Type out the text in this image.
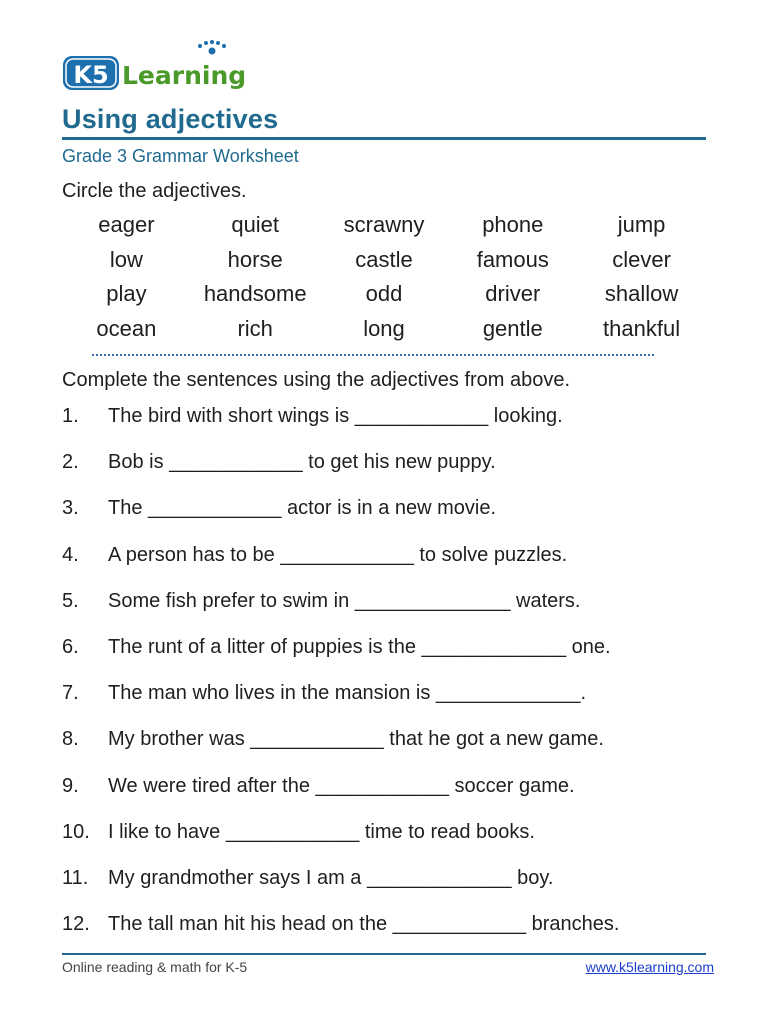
K5 Learning
Using adjectives
Grade 3 Grammar Worksheet
Circle the adjectives.
eager	quiet	scrawny	phone	jump
low	horse	castle	famous	clever
play	handsome	odd	driver	shallow
ocean	rich	long	gentle	thankful
Complete the sentences using the adjectives from above.
1.	The bird with short wings is ____________ looking.
2.	Bob is ____________ to get his new puppy.
3.	The ____________ actor is in a new movie.
4.	A person has to be ____________ to solve puzzles.
5.	Some fish prefer to swim in ______________ waters.
6.	The runt of a litter of puppies is the _____________ one.
7.	The man who lives in the mansion is _____________.
8.	My brother was ____________ that he got a new game.
9.	We were tired after the ____________ soccer game.
10. I like to have ____________ time to read books.
11. My grandmother says I am a _____________ boy.
12. The tall man hit his head on the ____________ branches.
Online reading & math for K-5	www.k5learning.com
